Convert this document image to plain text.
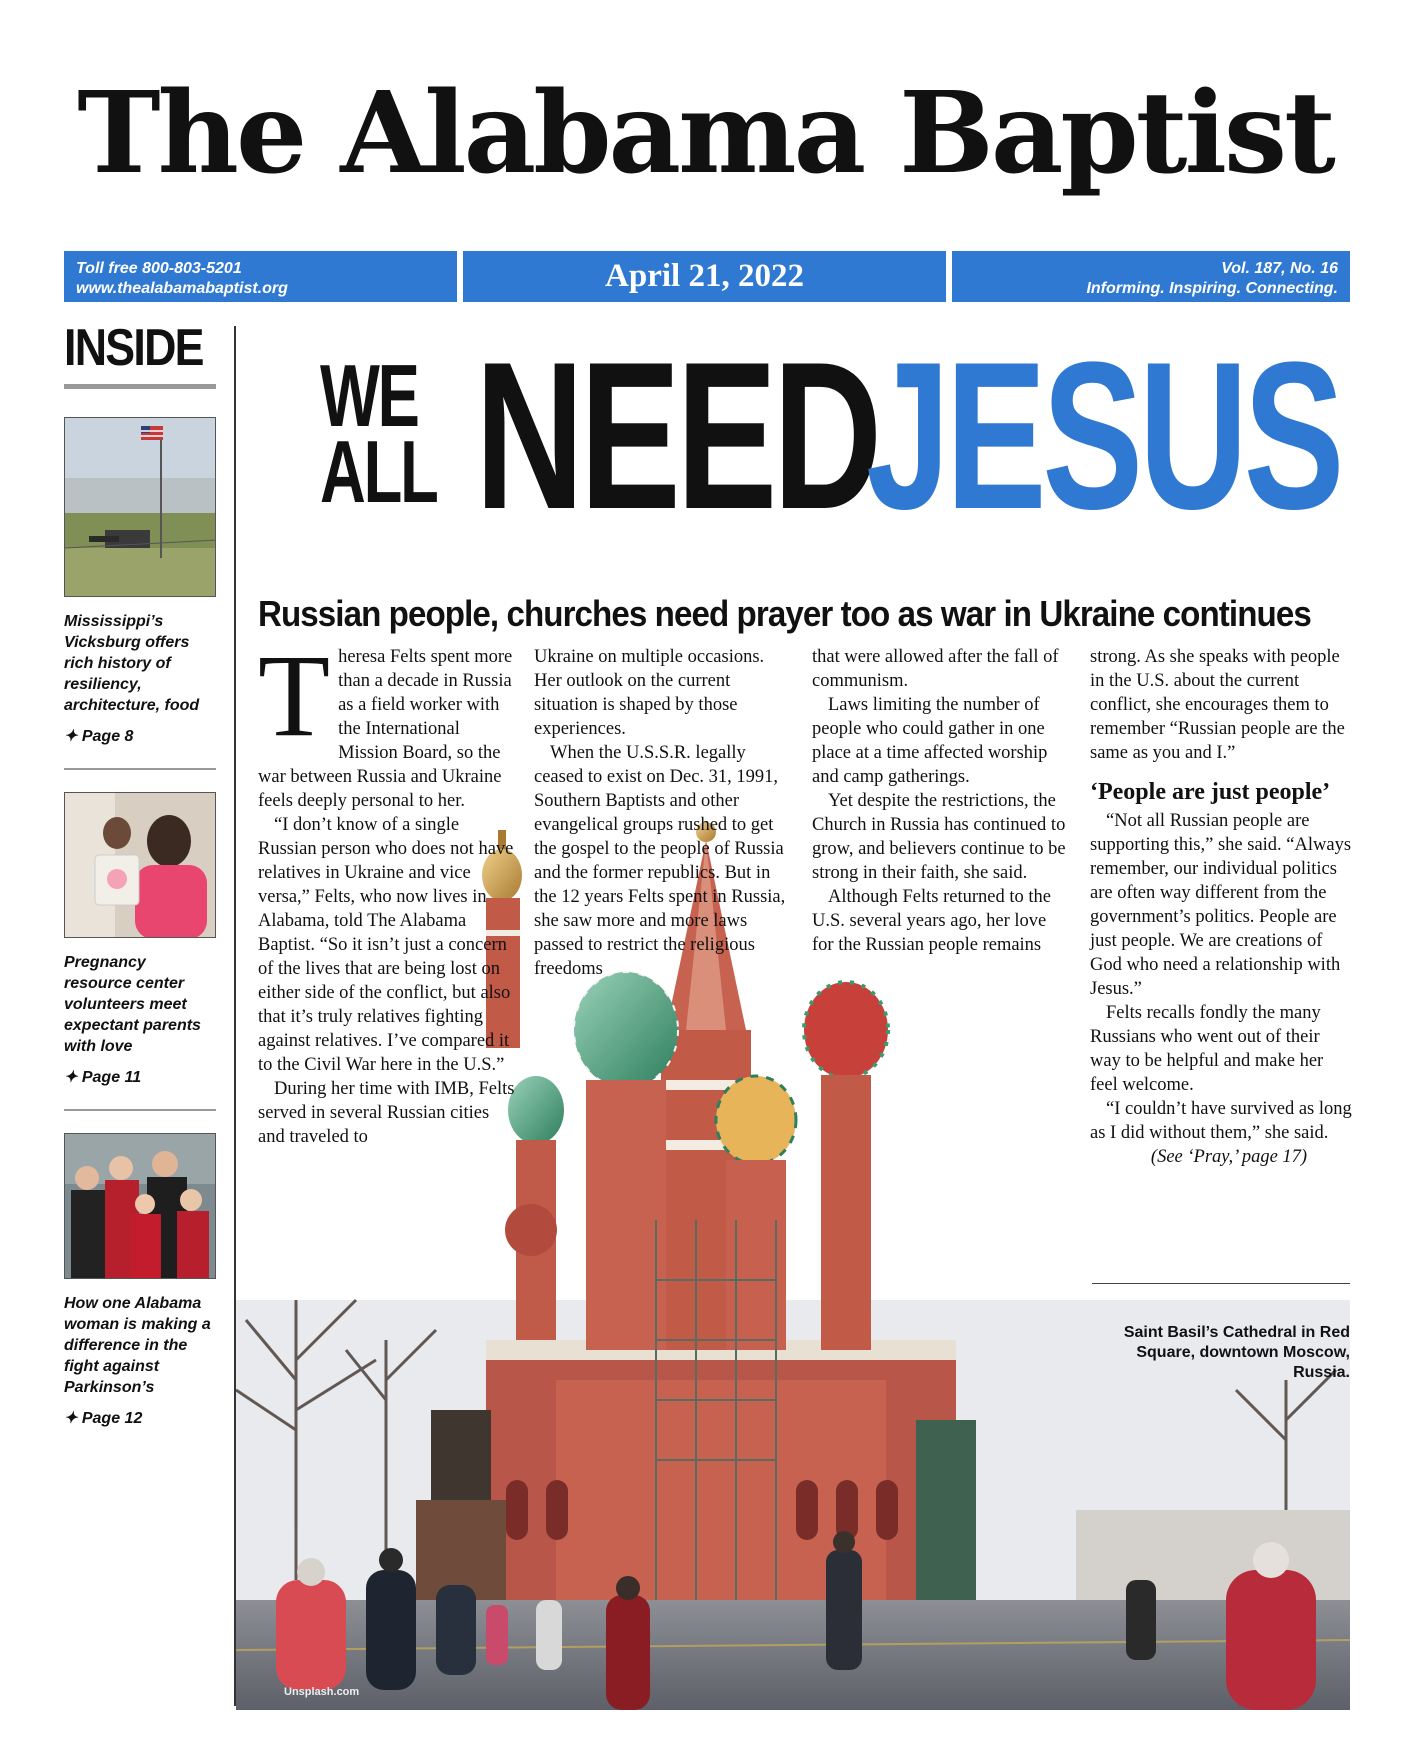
The Alabama Baptist
Toll free 800-803-5201
www.thealabamabaptist.org	April 21, 2022	Vol. 187, No. 16
Informing. Inspiring. Connecting.
INSIDE
Mississippi’s Vicksburg offers rich history of resiliency, architecture, food
✦ Page 8
Pregnancy resource center volunteers meet expectant parents with love
✦ Page 11
How one Alabama woman is making a difference in the fight against Parkinson’s
✦ Page 12
WE
ALL NEED
JESUS
Russian people, churches need prayer too as war in Ukraine continues
Unsplash.com

Theresa Felts spent more than a decade in Russia as a field worker with the International Mission Board, so the war between Russia and Ukraine feels deeply personal to her.

“I don’t know of a single Russian person who does not have relatives in Ukraine and vice versa,” Felts, who now lives in Alabama, told The Alabama Baptist. “So it isn’t just a concern of the lives that are being lost on either side of the conflict, but also that it’s truly relatives fighting against relatives. I’ve compared it to the Civil War here in the U.S.”

During her time with IMB, Felts served in several Russian cities and traveled to

Ukraine on multiple occasions. Her outlook on the current situation is shaped by those experiences.

When the U.S.S.R. legally ceased to exist on Dec. 31, 1991, Southern Baptists and other evangelical groups rushed to get the gospel to the people of Russia and the former republics. But in the 12 years Felts spent in Russia, she saw more and more laws passed to restrict the religious freedoms

that were allowed after the fall of communism.

Laws limiting the number of people who could gather in one place at a time affected worship and camp gatherings.

Yet despite the restrictions, the Church in Russia has continued to grow, and believers continue to be strong in their faith, she said.

Although Felts returned to the U.S. several years ago, her love for the Russian people remains

strong. As she speaks with people in the U.S. about the current conflict, she encourages them to remember “Russian people are the same as you and I.”

‘People are just people’

“Not all Russian people are supporting this,” she said. “Always remember, our individual politics are often way different from the government’s politics. People are just people. We are creations of God who need a relationship with Jesus.”

Felts recalls fondly the many Russians who went out of their way to be helpful and make her feel welcome.

“I couldn’t have survived as long as I did without them,” she said.

(See ‘Pray,’ page 17)

Saint Basil’s Cathedral in Red Square, downtown Moscow, Russia.
